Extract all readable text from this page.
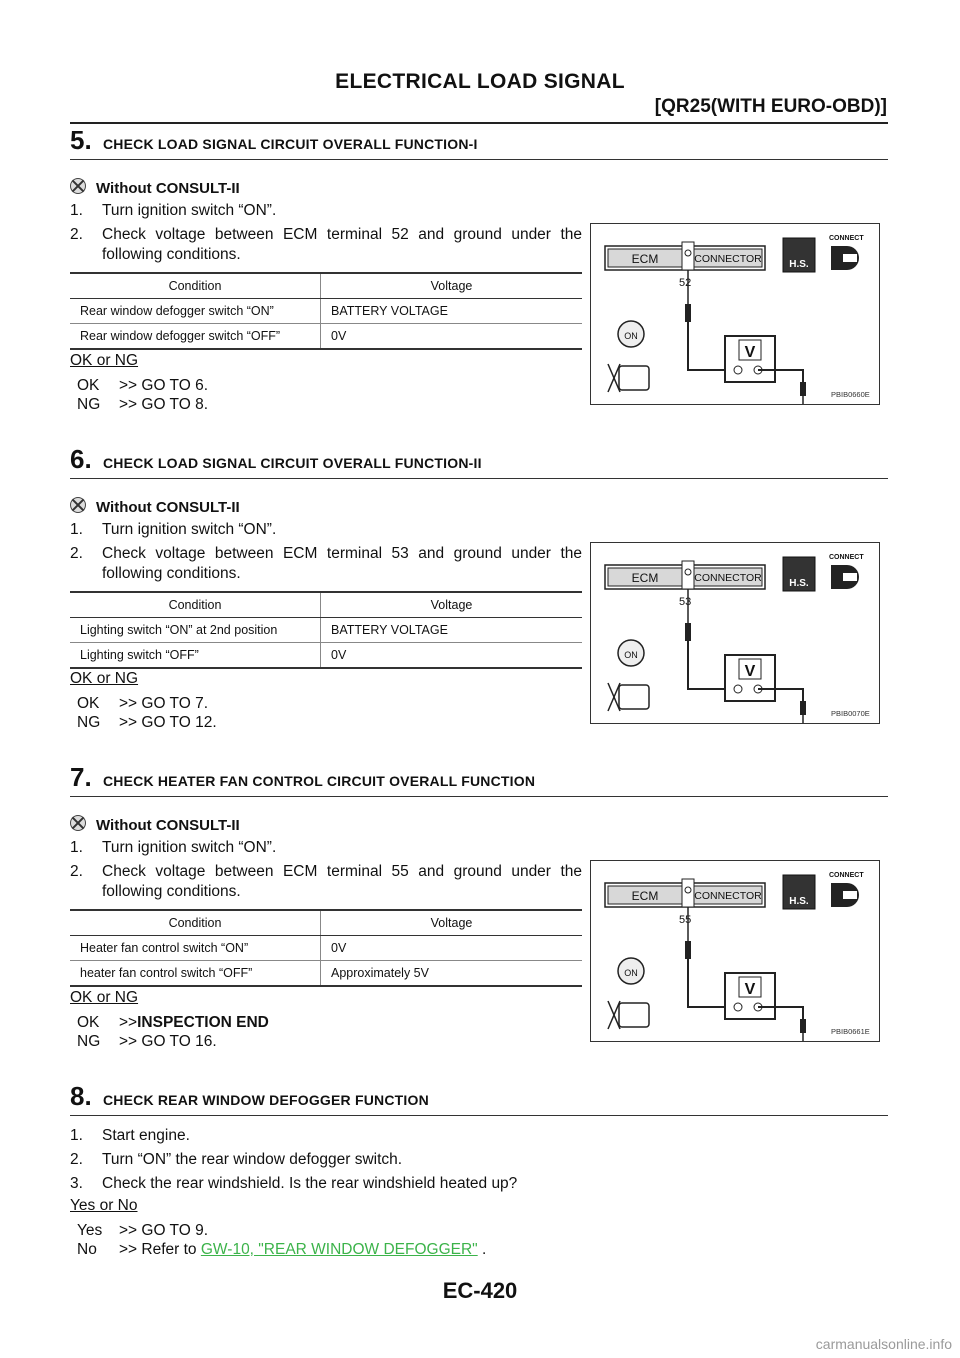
ELECTRICAL LOAD SIGNAL
[QR25(WITH EURO-OBD)]
5. CHECK LOAD SIGNAL CIRCUIT OVERALL FUNCTION-I
Without CONSULT-II
1. Turn ignition switch “ON”.
2. Check voltage between ECM terminal 52 and ground under the following conditions.
Condition	Voltage
Rear window defogger switch “ON”	BATTERY VOLTAGE
Rear window defogger switch “OFF”	0V
OK or NG
OK >> GO TO 6.
NG >> GO TO 8.
ECM	CONNECTOR	H.S.
CONNECT
52
V
ON
PBIB0660E
6. CHECK LOAD SIGNAL CIRCUIT OVERALL FUNCTION-II
Without CONSULT-II
1. Turn ignition switch “ON”.
2. Check voltage between ECM terminal 53 and ground under the following conditions.
Condition	Voltage
Lighting switch “ON” at 2nd position	BATTERY VOLTAGE
Lighting switch “OFF”	0V
OK or NG
OK >> GO TO 7.
NG >> GO TO 12.
ECM	CONNECTOR	H.S.
CONNECT
53
V
ON
PBIB0070E
7. CHECK HEATER FAN CONTROL CIRCUIT OVERALL FUNCTION
Without CONSULT-II
1. Turn ignition switch “ON”.
2. Check voltage between ECM terminal 55 and ground under the following conditions.
Condition	Voltage
Heater fan control switch “ON”	0V
heater fan control switch “OFF”	Approximately 5V
OK or NG
OK >>INSPECTION END
NG >> GO TO 16.
ECM	CONNECTOR	H.S.
CONNECT
55
V
ON
PBIB0661E
8. CHECK REAR WINDOW DEFOGGER FUNCTION
1. Start engine.
2. Turn “ON” the rear window defogger switch.
3. Check the rear windshield. Is the rear windshield heated up?
Yes or No
Yes >> GO TO 9.
No >> Refer to GW-10, "REAR WINDOW DEFOGGER" .
EC-420
carmanualsonline.info
